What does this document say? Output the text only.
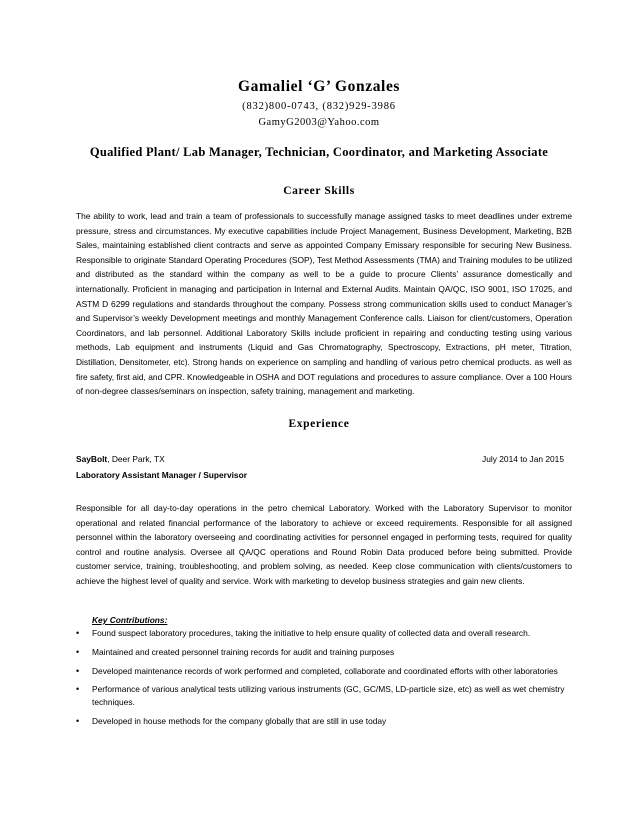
Gamaliel ‘G’ Gonzales
(832)800-0743, (832)929-3986
GamyG2003@Yahoo.com
Qualified Plant/ Lab Manager, Technician, Coordinator, and Marketing Associate
Career Skills

The ability to work, lead and train a team of professionals to successfully manage assigned tasks to meet deadlines under extreme pressure, stress and circumstances. My executive capabilities include Project Management, Business Development, Marketing, B2B Sales, maintaining established client contracts and serve as appointed Company Emissary responsible for securing New Business. Responsible to originate Standard Operating Procedures (SOP), Test Method Assessments (TMA) and Training modules to be utilized and distributed as the standard within the company as well to be a guide to procure Clients’ assurance domestically and internationally. Proficient in managing and participation in Internal and External Audits. Maintain QA/QC, ISO 9001, ISO 17025, and ASTM D 6299 regulations and standards throughout the company. Possess strong communication skills used to conduct Manager’s and Supervisor’s weekly Development meetings and monthly Management Conference calls. Liaison for client/customers, Operation Coordinators, and lab personnel. Additional Laboratory Skills include proficient in repairing and conducting testing using various methods, Lab equipment and instruments (Liquid and Gas Chromatography, Spectroscopy, Extractions, pH meter, Titration, Distillation, Densitometer, etc). Strong hands on experience on sampling and handling of various petro chemical products. as well as fire safety, first aid, and CPR. Knowledgeable in OSHA and DOT regulations and procedures to assure compliance. Over a 100 Hours of non-degree classes/seminars on inspection, safety training, management and marketing.

Experience
SayBolt, Deer Park, TX	July 2014 to Jan 2015
Laboratory Assistant Manager / Supervisor

Responsible for all day-to-day operations in the petro chemical Laboratory. Worked with the Laboratory Supervisor to monitor operational and related financial performance of the laboratory to achieve or exceed requirements. Responsible for all assigned personnel within the laboratory overseeing and coordinating activities for personnel engaged in performing tests, required for quality control and routine analysis. Oversee all QA/QC operations and Round Robin Data produced before being submitted. Provide customer service, training, troubleshooting, and problem solving, as needed. Keep close communication with clients/customers to achieve the highest level of quality and service. Work with marketing to develop business strategies and gain new clients.

Key Contributions:
• Found suspect laboratory procedures, taking the initiative to help ensure quality of collected data and overall research.
• Maintained and created personnel training records for audit and training purposes
• Developed maintenance records of work performed and completed, collaborate and coordinated efforts with other laboratories
• Performance of various analytical tests utilizing various instruments (GC, GC/MS, LD-particle size, etc) as well as wet chemistry techniques.
• Developed in house methods for the company globally that are still in use today
